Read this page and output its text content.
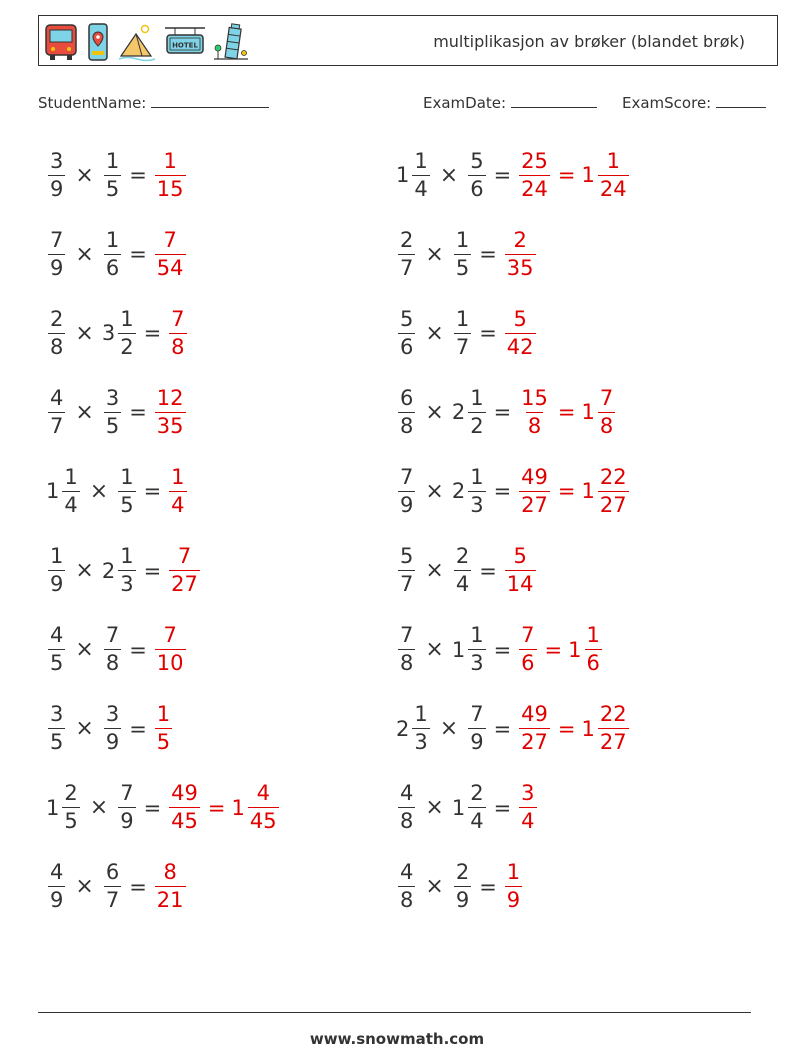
HOTEL	multiplikasjon av brøker (blandet brøk)
StudentName:	ExamDate:	ExamScore:
$\frac{3}{9} \times \frac{1}{5} = \frac{1}{15}$	$1 \frac{1}{4} \times \frac{5}{6} = \frac{25}{24} = 1 \frac{1}{24}$
$\frac{7}{9} \times \frac{1}{6} = \frac{7}{54}$	$\frac{2}{7} \times \frac{1}{5} = \frac{2}{35}$
$\frac{2}{8} \times 3 \frac{1}{2} = \frac{7}{8}$	$\frac{5}{6} \times \frac{1}{7} = \frac{5}{42}$
$\frac{4}{7} \times \frac{3}{5} = \frac{12}{35}$	$\frac{6}{8} \times 2 \frac{1}{2} = \frac{15}{8} = 1 \frac{7}{8}$
$1 \frac{1}{4} \times \frac{1}{5} = \frac{1}{4}$	$\frac{7}{9} \times 2 \frac{1}{3} = \frac{49}{27} = 1 \frac{22}{27}$
$\frac{1}{9} \times 2 \frac{1}{3} = \frac{7}{27}$	$\frac{5}{7} \times \frac{2}{4} = \frac{5}{14}$
$\frac{4}{5} \times \frac{7}{8} = \frac{7}{10}$	$\frac{7}{8} \times 1 \frac{1}{3} = \frac{7}{6} = 1 \frac{1}{6}$
$\frac{3}{5} \times \frac{3}{9} = \frac{1}{5}$	$2 \frac{1}{3} \times \frac{7}{9} = \frac{49}{27} = 1 \frac{22}{27}$
$1 \frac{2}{5} \times \frac{7}{9} = \frac{49}{45} = 1 \frac{4}{45}$	$\frac{4}{8} \times 1 \frac{2}{4} = \frac{3}{4}$
$\frac{4}{9} \times \frac{6}{7} = \frac{8}{21}$	$\frac{4}{8} \times \frac{2}{9} = \frac{1}{9}$
www.snowmath.com
